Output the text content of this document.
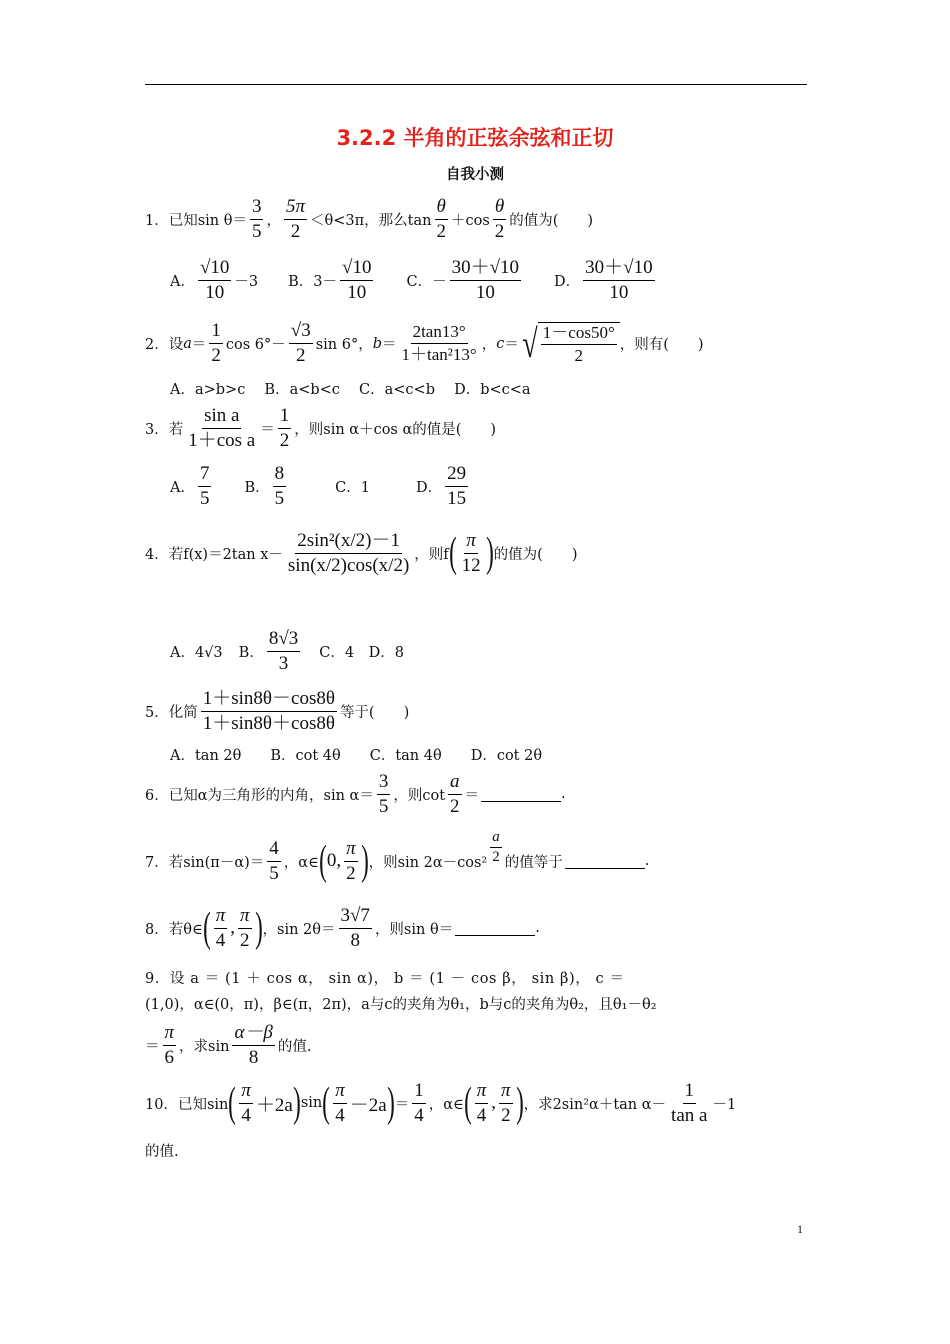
3.2.2 半角的正弦余弦和正切
自我小测
1．已知$\sin \theta= \frac{3}{5}$ ， $\frac{5\pi}{2} <\theta<3\pi$，那么$\tan \frac{\theta}{2} +\cos \frac{\theta}{2}$ 的值为(　　)
A． $\frac{√10}{10} -3$ B．$3- \frac{√10}{10}$ C．－ $\frac{30+√10}{10}$ D． $\frac{30+√10}{10}$
2．设 $a = \frac{1}{2}$ $\cos 6^\circ- \frac{√3}{2}$ sin 6°， $b = \frac{2\tan 13^\circ}{\text{1＋tan²13°}}$ ， c ＝ √ $\frac{1-\cos 50^\circ}{2}$ ，则有(　　)
A．a>b>c　 B．a<b<c　 C．a<c<b　 D．b<c<a
3．若 $\frac{\text{sin a}}{\text{1＋cos a}} = \frac{1}{2}$ ，则sin α＋cos α的值是(　　)
A． $\frac{7}{5}$ B． $\frac{8}{5}$	C．1	D． $\frac{29}{15}$
4．若f(x)＝2tan $x- \frac{\text{2sin²(x/2)－1}}{\sin(x/2)\cos(x/2)}$ ，则f ( $\frac{\pi}{12}$ ) 的值为(　　)
A．4√3 B． $\frac{8√3}{3}$ C．4　D．8
5．化简 $\frac{1+\sin 8\theta-\cos 8\theta}{1+\sin 8\theta+\cos 8\theta}$ 等于(　　)
A．tan 2θ　　B．cot 4θ　　C．tan 4θ　　D．cot 2θ
6．已知α为三角形的内角，$\sin \alpha= \frac{3}{5}$ ，则$\cot \frac{a}{2}$ ＝	.
7．若$\sin(\pi-\alpha)= \frac{4}{5}$ ，α∈ ( 0, $\frac{\pi}{2}$ ) ，则$\sin 2\alpha-\cos^2 \frac{a}{2}$ 的值等于	.
8．若θ∈ ( $\frac{\pi}{4}$ , $\frac{\pi}{2}$ ) ，$\sin 2\theta= \frac{3√7}{8}$ ，则sin θ＝	.
9．设 a ＝ (1 ＋ cos α， sin α)， b ＝ (1 － cos β， sin β)， c ＝
(1,0)，α∈(0，π)，β∈(π，2π)，a与c的夹角为θ₁，b与c的夹角为θ₂，且θ₁－θ₂
＝ $\frac{\pi}{6}$ ，求$\sin \frac{\alpha-\beta}{8}$ 的值.
10．已知sin ( $\frac{\pi}{4} +2a$ ) sin ( $\frac{\pi}{4} -2a$ ) ＝ $\frac{1}{4}$ ，α∈ ( $\frac{\pi}{4}$ , $\frac{\pi}{2}$ ) ，求2sin²α＋tan $\alpha- \frac{1}{\text{tan a}} -1$
的值.
1
